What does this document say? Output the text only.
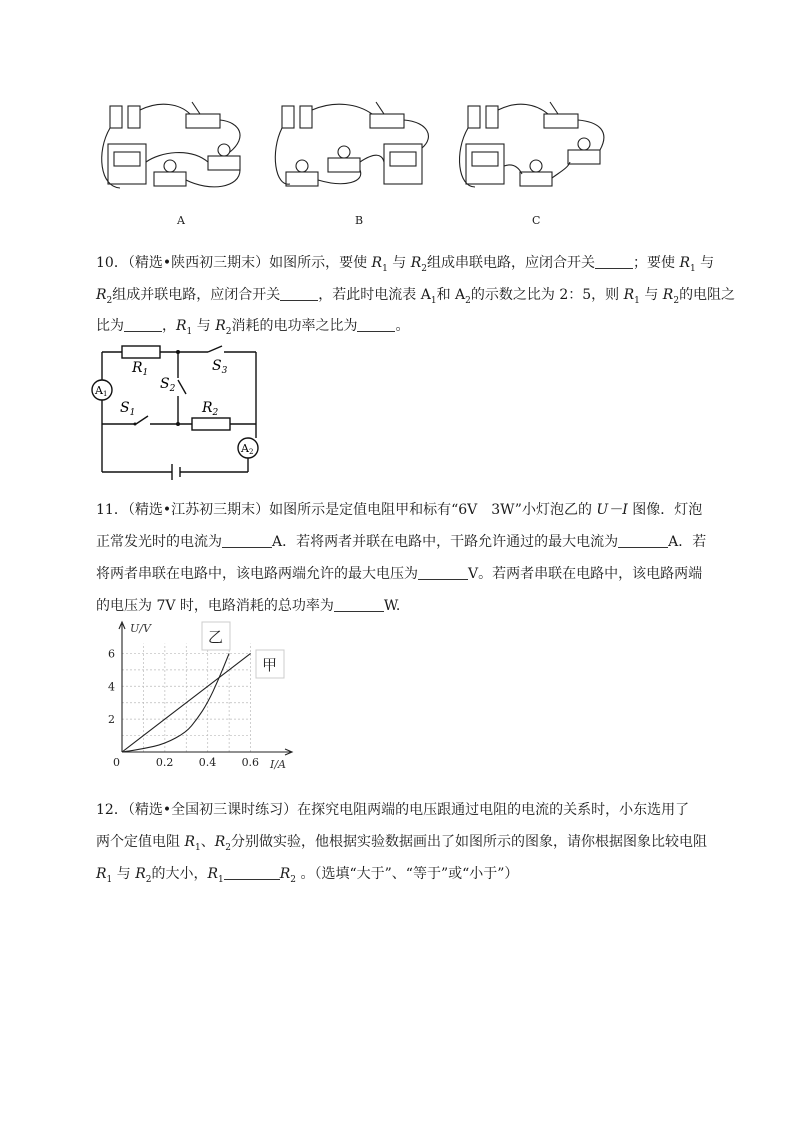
A	B	C
10．（精选•陕西初三期末）如图所示，要使 $R_1$ 与 $R_2$组成串联电路，应闭合开关	；要使 $R_1$ 与
$R_2$组成并联电路，应闭合开关	，若此时电流表 $A_1$和 $A_2$的示数之比为 2：5，则 $R_1$ 与 $R_2$的电阻之
比为	，$R_1$ 与 $R_2$消耗的电功率之比为	。
$R_1$
$R_2$
$S_1$
$S_2$
$S_3$
A1
A2
11．（精选•江苏初三期末）如图所示是定值电阻甲和标有“6V　3W”小灯泡乙的 U－I 图像．灯泡
正常发光时的电流为	A．若将两者并联在电路中，干路允许通过的最大电流为	A．若
将两者串联在电路中，该电路两端允许的最大电压为	V。若两者串联在电路中，该电路两端
的电压为 7V 时，电路消耗的总功率为	W.
U/V
I/A
0	0.2 0.4 0.6
2
4
6
乙
甲
12．（精选•全国初三课时练习）在探究电阻两端的电压跟通过电阻的电流的关系时，小东选用了
两个定值电阻 $R_1$、$R_2$分别做实验，他根据实验数据画出了如图所示的图象，请你根据图象比较电阻
$R_1$ 与 $R_2$的大小，$R_1$	$R_2$ 。（选填“大于”、“等于”或“小于”）
